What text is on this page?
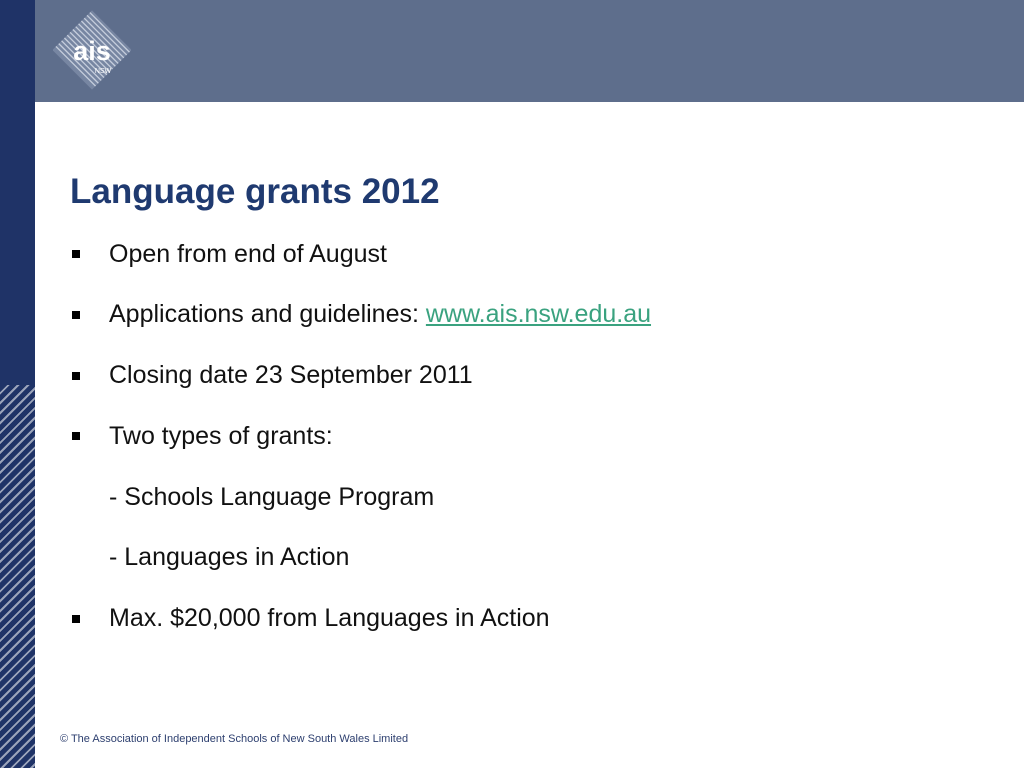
ais
NSW
Language grants 2012
Open from end of August
Applications and guidelines: www.ais.nsw.edu.au
Closing date 23 September 2011
Two types of grants:
- Schools Language Program
- Languages in Action
Max. $20,000 from Languages in Action
© The Association of Independent Schools of New South Wales Limited
